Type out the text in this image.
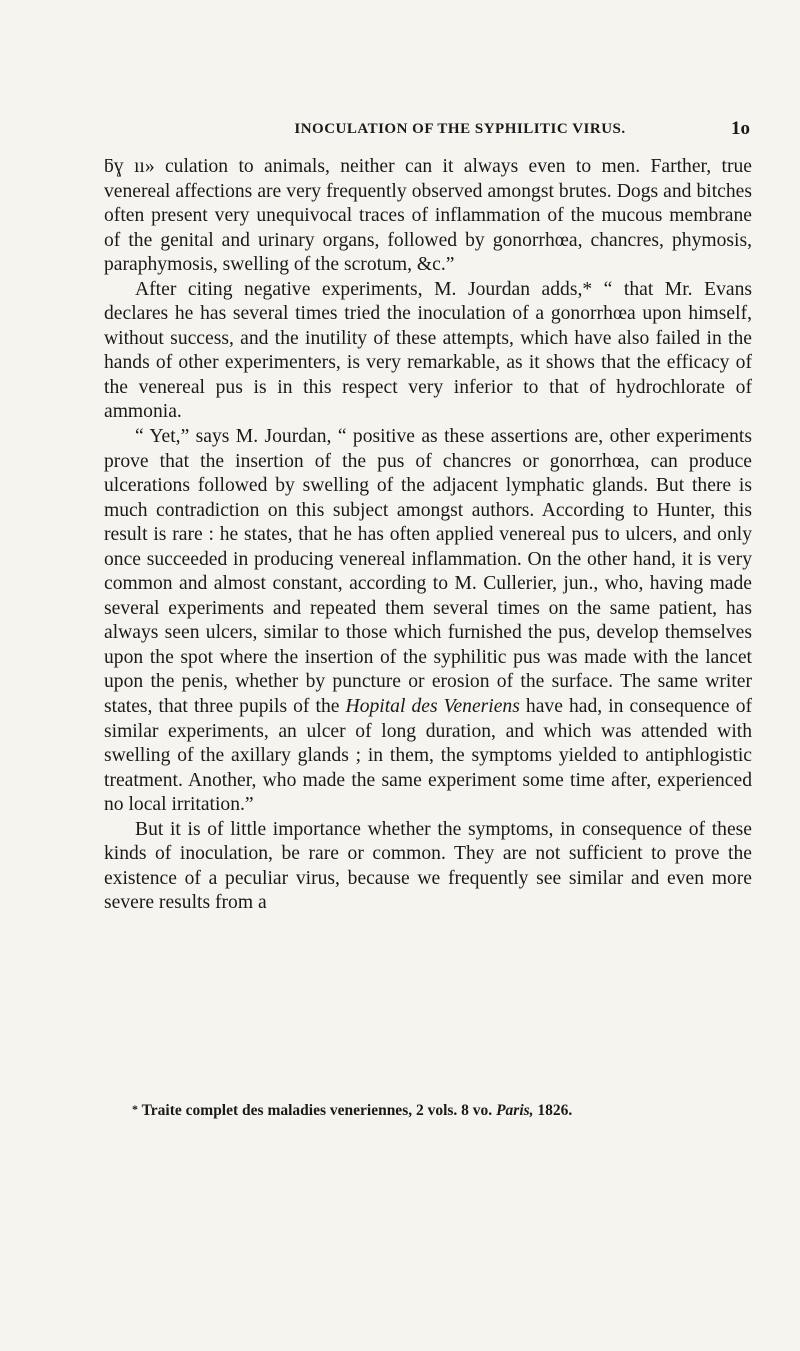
INOCULATION OF THE SYPHILITIC VIRUS.	1o

ƃɣ ıı» culation to animals, neither can it always even to men. Farther, true venereal affections are very frequently observed amongst brutes. Dogs and bitches often present very unequivocal traces of inflammation of the mucous membrane of the genital and urinary organs, followed by gonorrhœa, chancres, phymosis, paraphymosis, swelling of the scrotum, &c.”

After citing negative experiments, M. Jourdan adds,* “ that Mr. Evans declares he has several times tried the inoculation of a gonorrhœa upon himself, without success, and the inutility of these attempts, which have also failed in the hands of other experimenters, is very remarkable, as it shows that the efficacy of the venereal pus is in this respect very inferior to that of hydrochlorate of ammonia.

“ Yet,” says M. Jourdan, “ positive as these assertions are, other experiments prove that the insertion of the pus of chancres or gonorrhœa, can produce ulcerations followed by swelling of the adjacent lymphatic glands. But there is much contradiction on this subject amongst authors. According to Hunter, this result is rare : he states, that he has often applied venereal pus to ulcers, and only once succeeded in producing venereal inflammation. On the other hand, it is very common and almost constant, according to M. Cullerier, jun., who, having made several experiments and repeated them several times on the same patient, has always seen ulcers, similar to those which furnished the pus, develop themselves upon the spot where the insertion of the syphilitic pus was made with the lancet upon the penis, whether by puncture or erosion of the surface. The same writer states, that three pupils of the Hopital des Veneriens have had, in consequence of similar experiments, an ulcer of long duration, and which was attended with swelling of the axillary glands ; in them, the symptoms yielded to antiphlogistic treatment. Another, who made the same experiment some time after, experienced no local irritation.”

But it is of little importance whether the symptoms, in consequence of these kinds of inoculation, be rare or common. They are not sufficient to prove the existence of a peculiar virus, because we frequently see similar and even more severe results from a

* Traite complet des maladies veneriennes, 2 vols. 8 vo. Paris, 1826.
